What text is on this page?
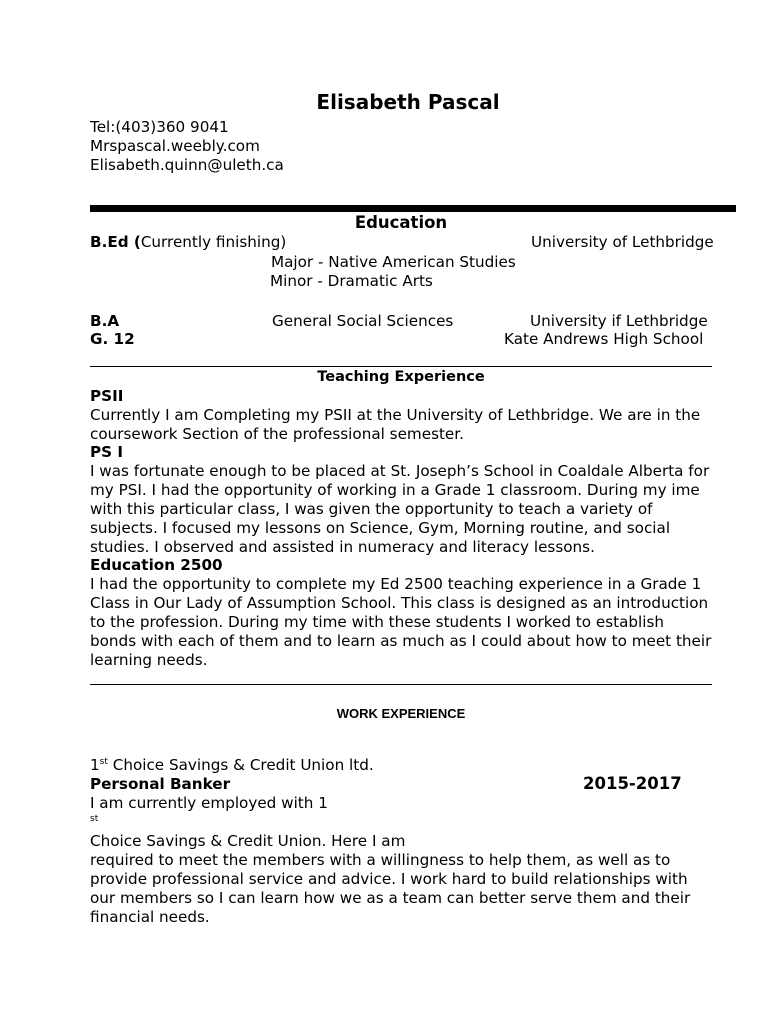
Elisabeth Pascal
Tel:(403)360 9041
Mrspascal.weebly.com
Elisabeth.quinn@uleth.ca
Education
B.Ed (Currently finishing)	University of Lethbridge
Major - Native American Studies
Minor - Dramatic Arts
B.A	General Social Sciences	University if Lethbridge
G. 12	Kate Andrews High School
Teaching Experience
PSII
Currently I am Completing my PSII at the University of Lethbridge. We are in the
coursework Section of the professional semester.
PS I
I was fortunate enough to be placed at St. Joseph’s School in Coaldale Alberta for
my PSI. I had the opportunity of working in a Grade 1 classroom. During my ime
with this particular class, I was given the opportunity to teach a variety of
subjects. I focused my lessons on Science, Gym, Morning routine, and social
studies. I observed and assisted in numeracy and literacy lessons.
Education 2500
I had the opportunity to complete my Ed 2500 teaching experience in a Grade 1
Class in Our Lady of Assumption School. This class is designed as an introduction
to the profession. During my time with these students I worked to establish
bonds with each of them and to learn as much as I could about how to meet their
learning needs.
WORK EXPERIENCE
1st Choice Savings & Credit Union ltd.
Personal Banker	2015-2017
I am currently employed with 1
$^{st}$
Choice Savings & Credit Union. Here I am
required to meet the members with a willingness to help them, as well as to
provide professional service and advice. I work hard to build relationships with
our members so I can learn how we as a team can better serve them and their
financial needs.
